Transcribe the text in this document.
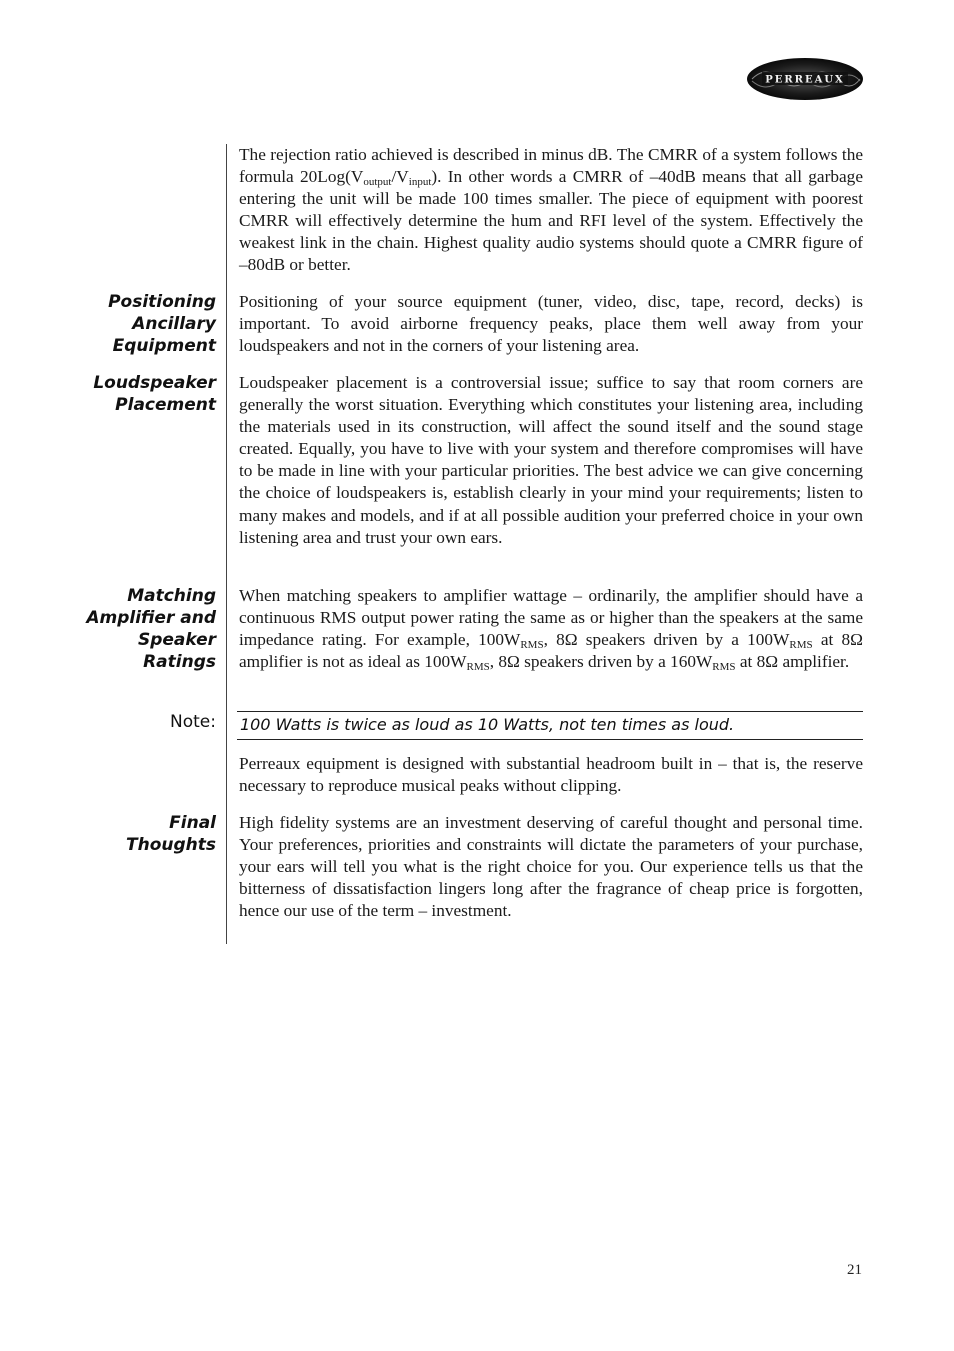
PERREAUX
The rejection ratio achieved is described in minus dB. The CMRR of a system follows the formula $20Log(V_{output}/V_{input})$. In other words a CMRR of –40dB means that all garbage entering the unit will be made 100 times smaller. The piece of equipment with poorest CMRR will effectively determine the hum and RFI level of the system. Effectively the weakest link in the chain. Highest quality audio systems should quote a CMRR figure of –80dB or better.
Positioning
Ancillary
Equipment
Positioning of your source equipment (tuner, video, disc, tape, record, decks) is important. To avoid airborne frequency peaks, place them well away from your loudspeakers and not in the corners of your listening area.
Loudspeaker
Placement
Loudspeaker placement is a controversial issue; suffice to say that room corners are generally the worst situation. Everything which constitutes your listening area, including the materials used in its construction, will affect the sound itself and the sound stage created. Equally, you have to live with your system and therefore compromises will have to be made in line with your particular priorities. The best advice we can give concerning the choice of loudspeakers is, establish clearly in your mind your requirements; listen to many makes and models, and if at all possible audition your preferred choice in your own listening area and trust your own ears.
Matching
Amplifier and
Speaker
Ratings
When matching speakers to amplifier wattage – ordinarily, the amplifier should have a continuous RMS output power rating the same as or higher than the speakers at the same impedance rating. For example, $100W_{RMS}$, 8Ω speakers driven by a $100W_{RMS}$ at 8Ω amplifier is not as ideal as $100W_{RMS}$, 8Ω speakers driven by a $160W_{RMS}$ at 8Ω amplifier.
Note: 100 Watts is twice as loud as 10 Watts, not ten times as loud.
Perreaux equipment is designed with substantial headroom built in – that is, the reserve necessary to reproduce musical peaks without clipping.
Final
Thoughts
High fidelity systems are an investment deserving of careful thought and personal time. Your preferences, priorities and constraints will dictate the parameters of your purchase, your ears will tell you what is the right choice for you. Our experience tells us that the bitterness of dissatisfaction lingers long after the fragrance of cheap price is forgotten, hence our use of the term – investment.
21
